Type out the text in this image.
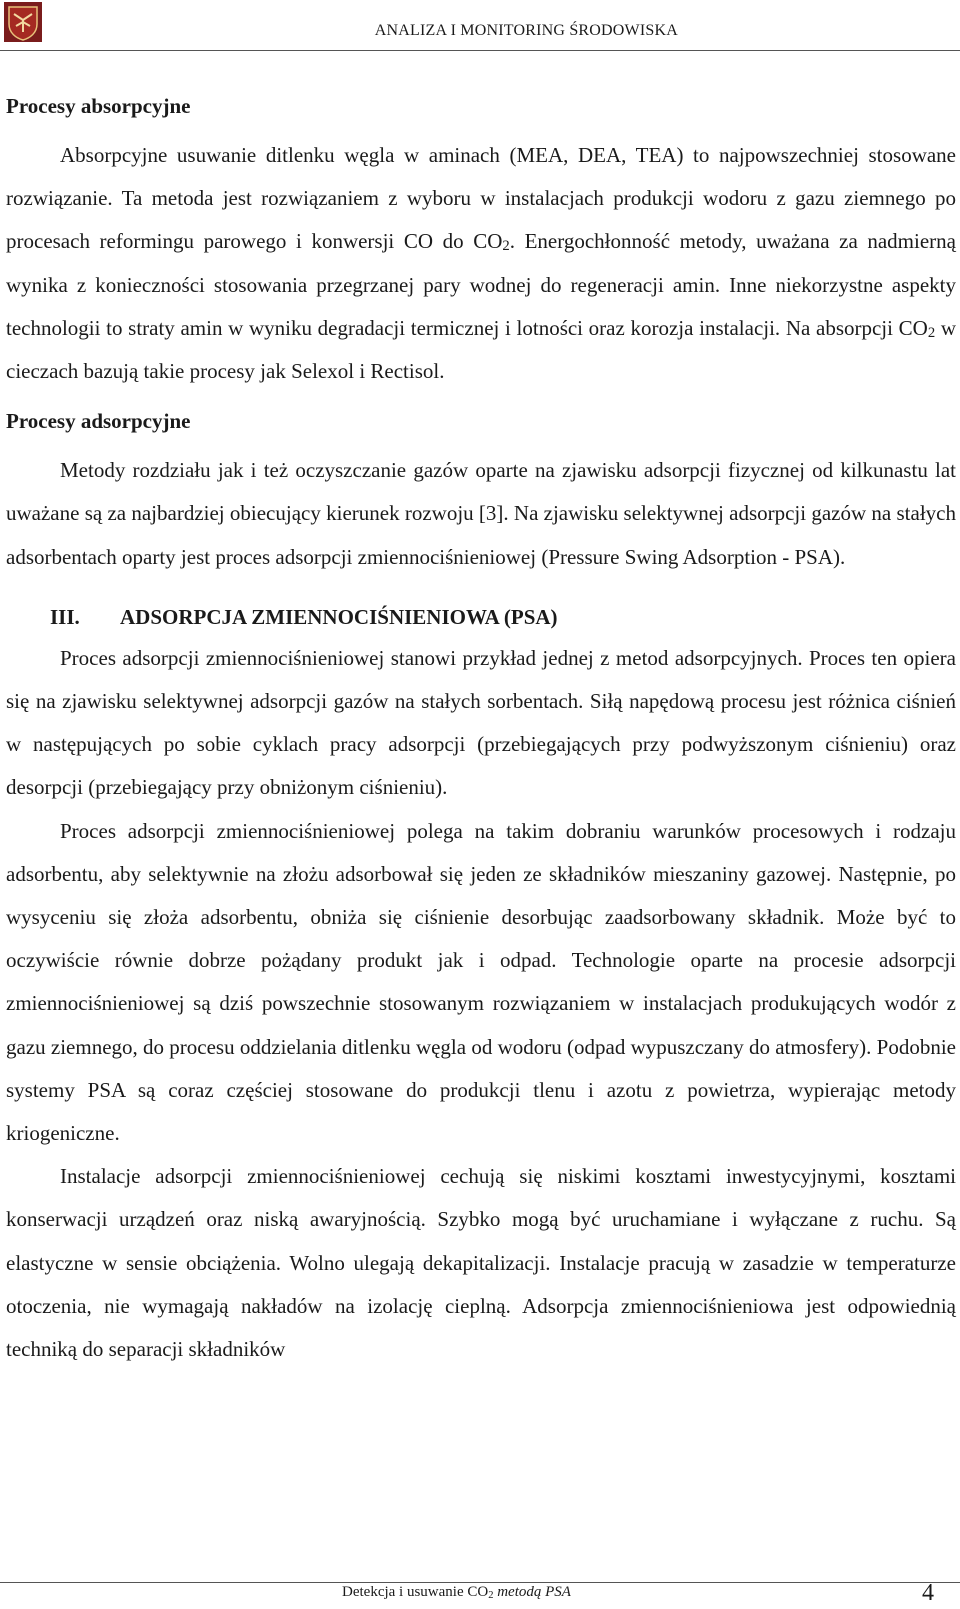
ANALIZA I MONITORING ŚRODOWISKA
Procesy absorpcyjne

Absorpcyjne usuwanie ditlenku węgla w aminach (MEA, DEA, TEA) to najpowszechniej stosowane rozwiązanie. Ta metoda jest rozwiązaniem z wyboru w instalacjach produkcji wodoru z gazu ziemnego po procesach reformingu parowego i konwersji CO do $CO_2$. Energochłonność metody, uważana za nadmierną wynika z konieczności stosowania przegrzanej pary wodnej do regeneracji amin. Inne niekorzystne aspekty technologii to straty amin w wyniku degradacji termicznej i lotności oraz korozja instalacji. Na absorpcji $CO_2$ w cieczach bazują takie procesy jak Selexol i Rectisol.

Procesy adsorpcyjne

Metody rozdziału jak i też oczyszczanie gazów oparte na zjawisku adsorpcji fizycznej od kilkunastu lat uważane są za najbardziej obiecujący kierunek rozwoju [3]. Na zjawisku selektywnej adsorpcji gazów na stałych adsorbentach oparty jest proces adsorpcji zmiennociśnieniowej (Pressure Swing Adsorption - PSA).

III. ADSORPCJA ZMIENNOCIŚNIENIOWA (PSA)

Proces adsorpcji zmiennociśnieniowej stanowi przykład jednej z metod adsorpcyjnych. Proces ten opiera się na zjawisku selektywnej adsorpcji gazów na stałych sorbentach. Siłą napędową procesu jest różnica ciśnień w następujących po sobie cyklach pracy adsorpcji (przebiegających przy podwyższonym ciśnieniu) oraz desorpcji (przebiegający przy obniżonym ciśnieniu).

Proces adsorpcji zmiennociśnieniowej polega na takim dobraniu warunków procesowych i rodzaju adsorbentu, aby selektywnie na złożu adsorbował się jeden ze składników mieszaniny gazowej. Następnie, po wysyceniu się złoża adsorbentu, obniża się ciśnienie desorbując zaadsorbowany składnik. Może być to oczywiście równie dobrze pożądany produkt jak i odpad. Technologie oparte na procesie adsorpcji zmiennociśnieniowej są dziś powszechnie stosowanym rozwiązaniem w instalacjach produkujących wodór z gazu ziemnego, do procesu oddzielania ditlenku węgla od wodoru (odpad wypuszczany do atmosfery). Podobnie systemy PSA są coraz częściej stosowane do produkcji tlenu i azotu z powietrza, wypierając metody kriogeniczne.

Instalacje adsorpcji zmiennociśnieniowej cechują się niskimi kosztami inwestycyjnymi, kosztami konserwacji urządzeń oraz niską awaryjnością. Szybko mogą być uruchamiane i wyłączane z ruchu. Są elastyczne w sensie obciążenia. Wolno ulegają dekapitalizacji. Instalacje pracują w zasadzie w temperaturze otoczenia, nie wymagają nakładów na izolację cieplną. Adsorpcja zmiennociśnieniowa jest odpowiednią techniką do separacji składników

Detekcja i usuwanie $CO_2$ metodą PSA	4
